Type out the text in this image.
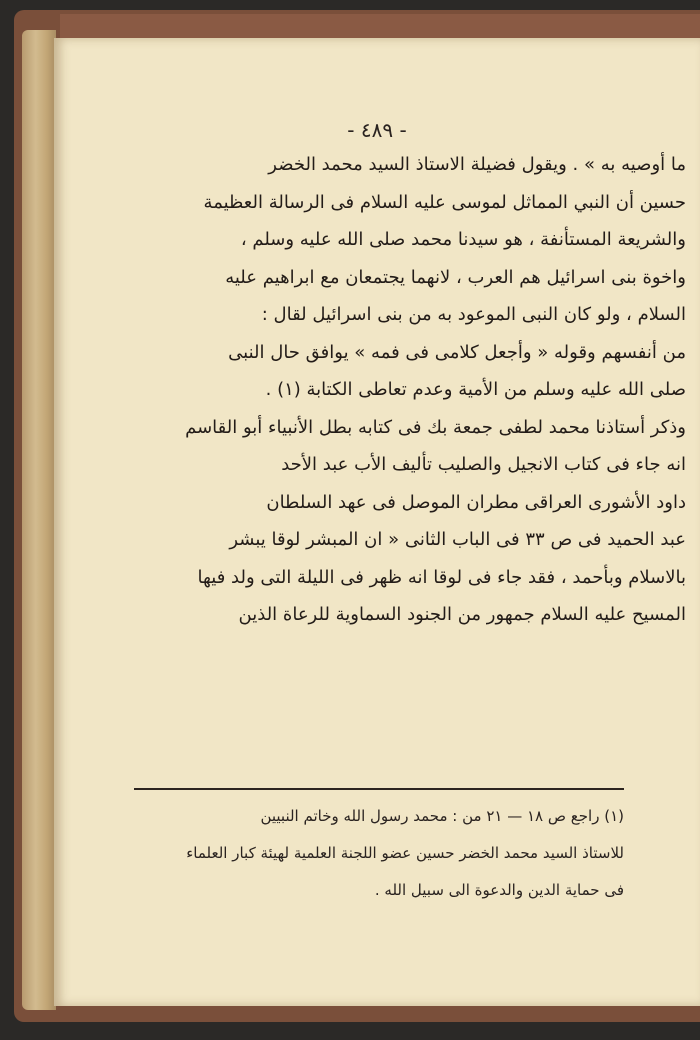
- ٤٨٩ -
ما أوصيه به » . ويقول فضيلة الاستاذ السيد محمد الخضر
حسين أن النبي المماثل لموسى عليه السلام فى الرسالة العظيمة
والشريعة المستأنفة ، هو سيدنا محمد صلى الله عليه وسلم ،
واخوة بنى اسرائيل هم العرب ، لانهما يجتمعان مع ابراهيم عليه
السلام ، ولو كان النبى الموعود به من بنى اسرائيل لقال :
من أنفسهم وقوله « وأجعل كلامى فى فمه » يوافق حال النبى
صلى الله عليه وسلم من الأمية وعدم تعاطى الكتابة (١) .
وذكر أستاذنا محمد لطفى جمعة بك فى كتابه بطل الأنبياء أبو القاسم
انه جاء فى كتاب الانجيل والصليب تأليف الأب عبد الأحد
داود الأشورى العراقى مطران الموصل فى عهد السلطان
عبد الحميد فى ص ٣٣ فى الباب الثانى « ان المبشر لوقا يبشر
بالاسلام وبأحمد ، فقد جاء فى لوقا انه ظهر فى الليلة التى ولد فيها
المسيح عليه السلام جمهور من الجنود السماوية للرعاة الذين
(١) راجع ص ١٨ — ٢١ من : محمد رسول الله وخاتم النبيين
للاستاذ السيد محمد الخضر حسين عضو اللجنة العلمية لهيئة كبار العلماء
فى حماية الدين والدعوة الى سبيل الله .
